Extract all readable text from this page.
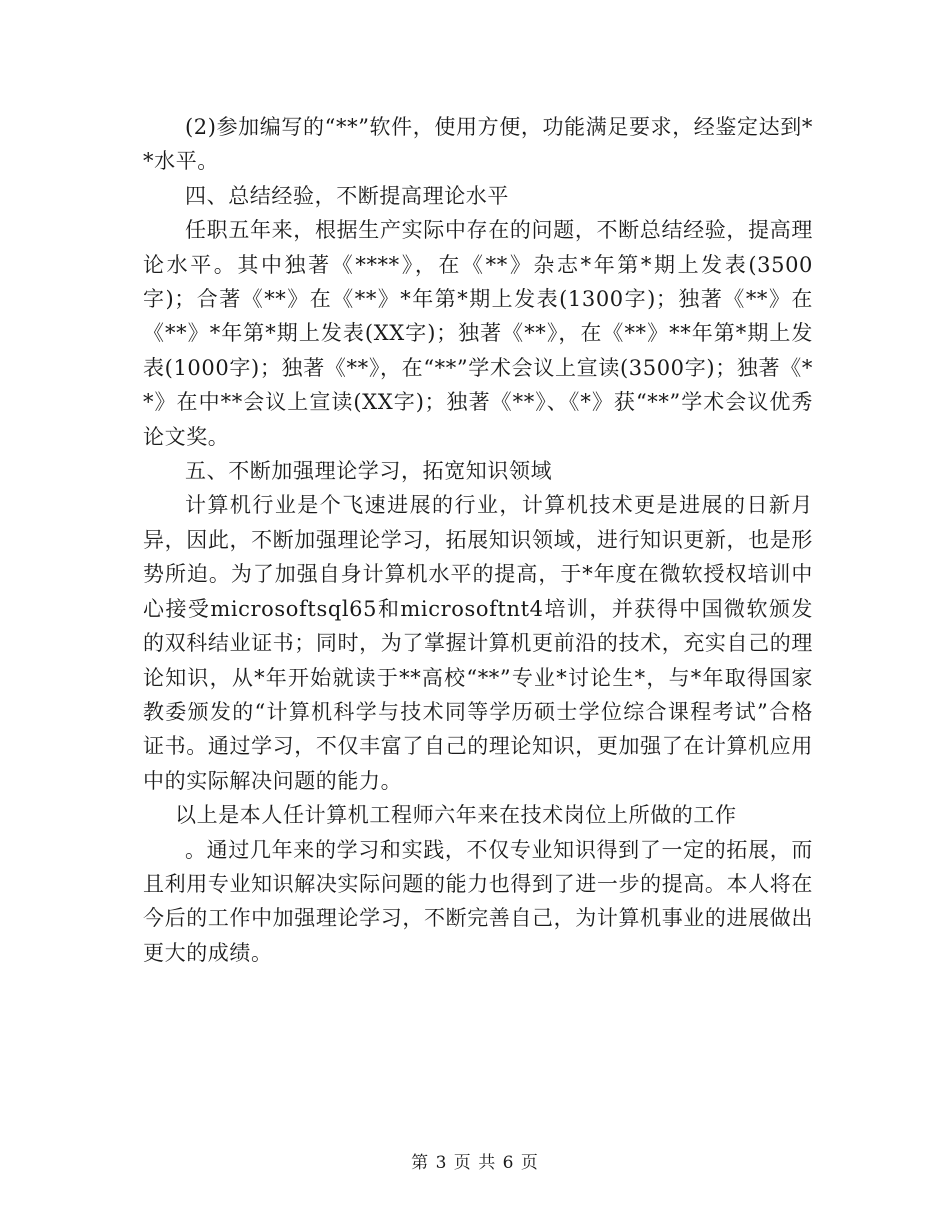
(2)参加编写的“**”软件，使用方便，功能满足要求，经鉴定达到**水平。

四、总结经验，不断提高理论水平

任职五年来，根据生产实际中存在的问题，不断总结经验，提高理论水平。其中独著《****》，在《**》杂志*年第*期上发表(3500字)；合著《**》在《**》*年第*期上发表(1300字)；独著《**》在《**》*年第*期上发表(XX字)；独著《**》，在《**》**年第*期上发表(1000字)；独著《**》，在“**”学术会议上宣读(3500字)；独著《**》在中**会议上宣读(XX字)；独著《**》、《*》获“**”学术会议优秀论文奖。

五、不断加强理论学习，拓宽知识领域

计算机行业是个飞速进展的行业，计算机技术更是进展的日新月异，因此，不断加强理论学习，拓展知识领域，进行知识更新，也是形势所迫。为了加强自身计算机水平的提高，于*年度在微软授权培训中心接受microsoftsql65和microsoftnt4培训，并获得中国微软颁发的双科结业证书；同时，为了掌握计算机更前沿的技术，充实自己的理论知识，从*年开始就读于**高校“**”专业*讨论生*，与*年取得国家教委颁发的“计算机科学与技术同等学历硕士学位综合课程考试”合格证书。通过学习，不仅丰富了自己的理论知识，更加强了在计算机应用中的实际解决问题的能力。

以上是本人任计算机工程师六年来在技术岗位上所做的工作

。通过几年来的学习和实践，不仅专业知识得到了一定的拓展，而且利用专业知识解决实际问题的能力也得到了进一步的提高。本人将在今后的工作中加强理论学习，不断完善自己，为计算机事业的进展做出更大的成绩。

第 3 页 共 6 页
